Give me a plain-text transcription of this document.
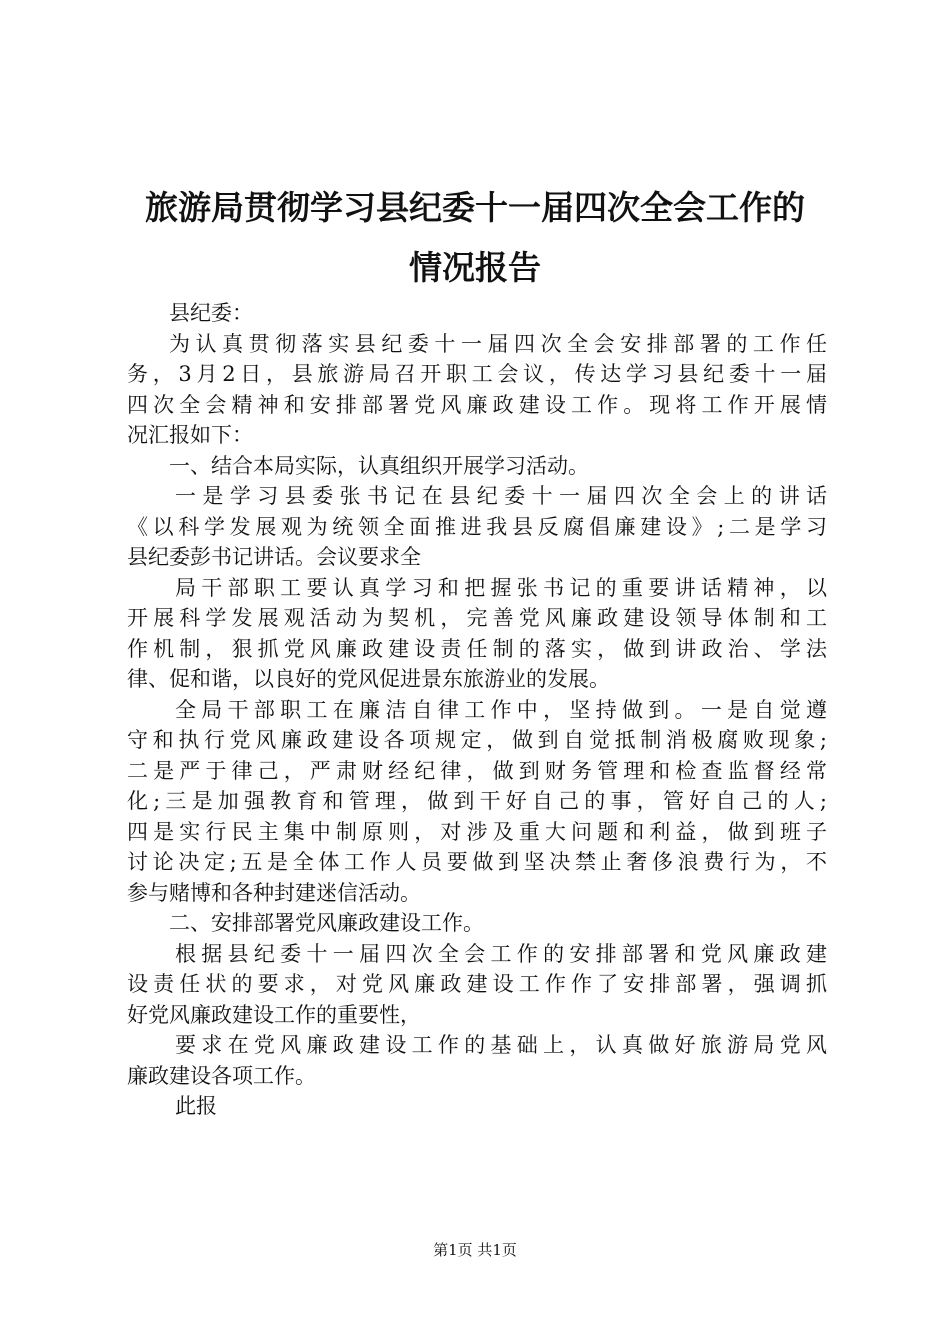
旅游局贯彻学习县纪委十一届四次全会工作的
情况报告
县纪委：
为认真贯彻落实县纪委十一届四次全会安排部署的工作任
务，3月2日，县旅游局召开职工会议，传达学习县纪委十一届
四次全会精神和安排部署党风廉政建设工作。现将工作开展情
况汇报如下：
一、结合本局实际，认真组织开展学习活动。
一是学习县委张书记在县纪委十一届四次全会上的讲话
《以科学发展观为统领全面推进我县反腐倡廉建设》;二是学习
县纪委彭书记讲话。会议要求全
局干部职工要认真学习和把握张书记的重要讲话精神，以
开展科学发展观活动为契机，完善党风廉政建设领导体制和工
作机制，狠抓党风廉政建设责任制的落实，做到讲政治、学法
律、促和谐，以良好的党风促进景东旅游业的发展。
全局干部职工在廉洁自律工作中，坚持做到。一是自觉遵
守和执行党风廉政建设各项规定，做到自觉抵制消极腐败现象;
二是严于律己，严肃财经纪律，做到财务管理和检查监督经常
化;三是加强教育和管理，做到干好自己的事，管好自己的人;
四是实行民主集中制原则，对涉及重大问题和利益，做到班子
讨论决定;五是全体工作人员要做到坚决禁止奢侈浪费行为，不
参与赌博和各种封建迷信活动。
二、安排部署党风廉政建设工作。
根据县纪委十一届四次全会工作的安排部署和党风廉政建
设责任状的要求，对党风廉政建设工作作了安排部署，强调抓
好党风廉政建设工作的重要性，
要求在党风廉政建设工作的基础上，认真做好旅游局党风
廉政建设各项工作。
此报
第1页 共1页
